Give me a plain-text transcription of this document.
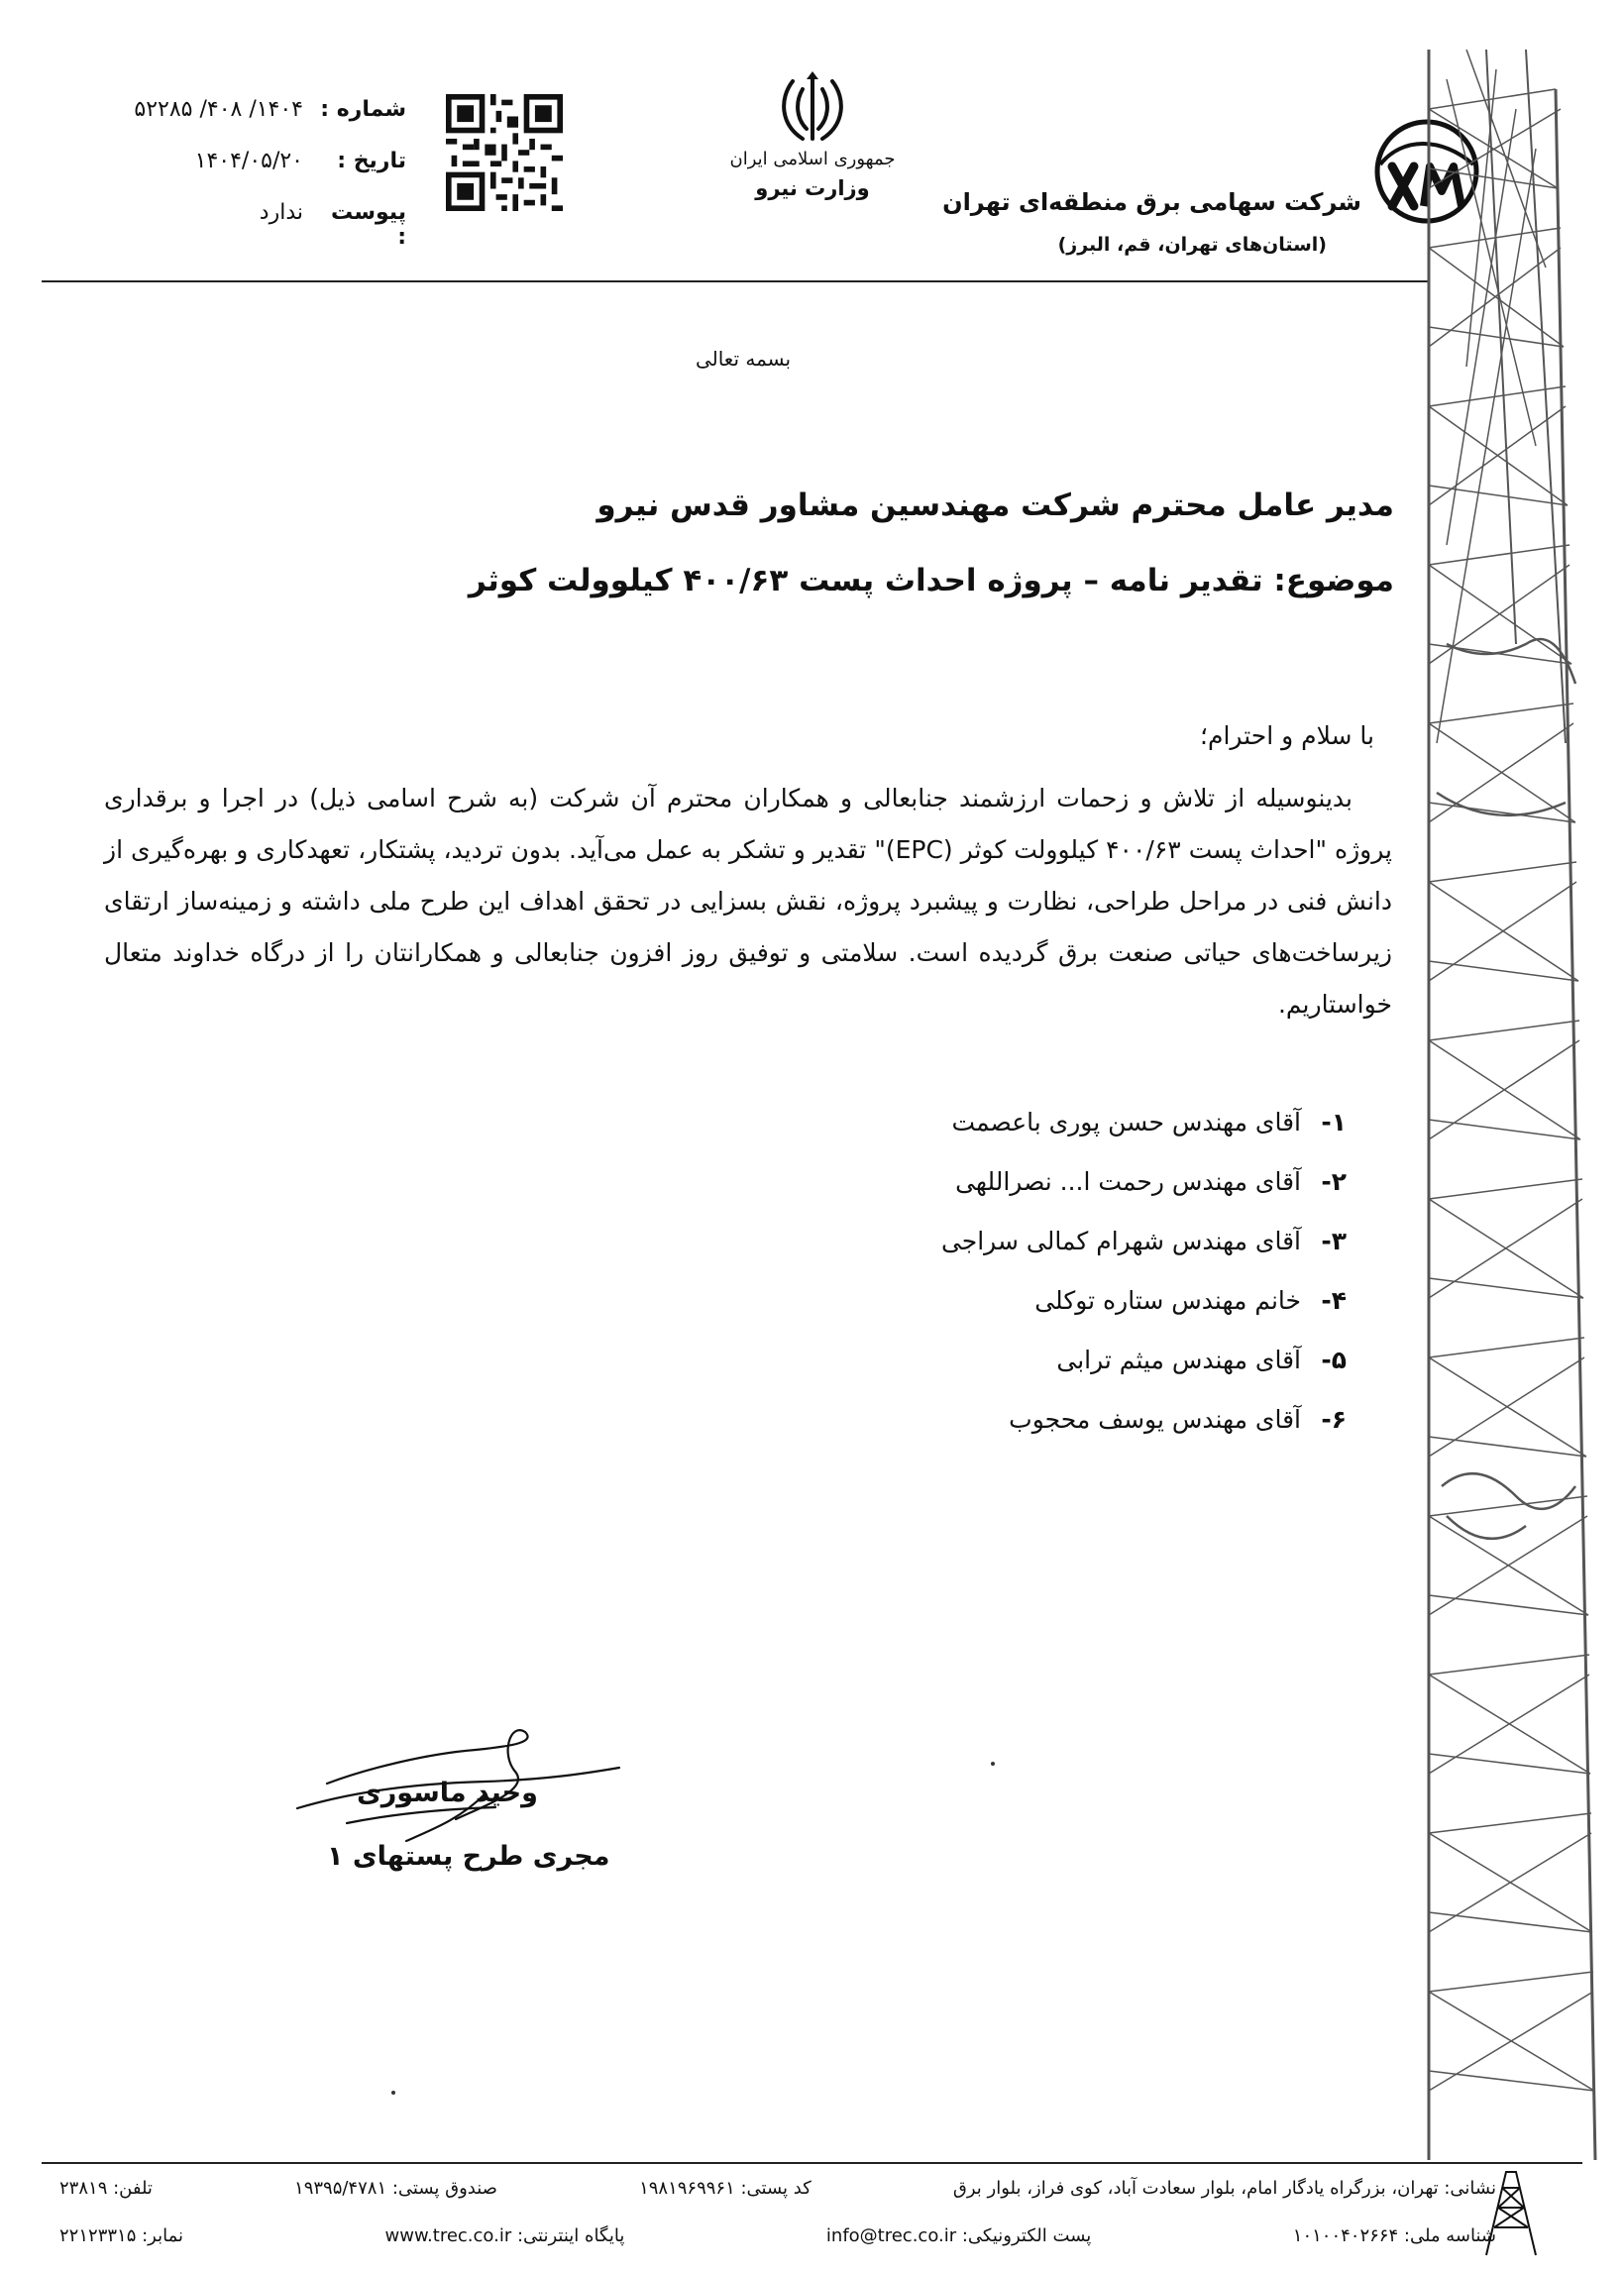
شماره :
۱۴۰۴/ ۴۰۸/ ۵۲۲۸۵
تاریخ :
۱۴۰۴/۰۵/۲۰
پیوست :
ندارد
جمهوری اسلامی ایران
وزارت نیرو	شرکت سهامی برق منطقه‌ای تهران
(استان‌های تهران، قم، البرز)
بسمه تعالی
مدیر عامل محترم شرکت مهندسین مشاور قدس نیرو
موضوع: تقدیر نامه – پروژه احداث پست ۴۰۰/۶۳ کیلوولت کوثر
با سلام و احترام؛
بدینوسیله از تلاش و زحمات ارزشمند جنابعالی و همکاران محترم آن شرکت (به شرح اسامی ذیل) در اجرا و برقداری پروژه "احداث پست ۴۰۰/۶۳ کیلوولت کوثر (EPC)" تقدیر و تشکر به عمل می‌آید. بدون تردید، پشتکار، تعهدکاری و بهره‌گیری از دانش فنی در مراحل طراحی، نظارت و پیشبرد پروژه، نقش بسزایی در تحقق اهداف این طرح ملی داشته و زمینه‌ساز ارتقای زیرساخت‌های حیاتی صنعت برق گردیده است. سلامتی و توفیق روز افزون جنابعالی و همکارانتان را از درگاه خداوند متعال خواستاریم.
۱-
آقای مهندس حسن پوری باعصمت
۲-
آقای مهندس رحمت ا... نصراللهی
۳-
آقای مهندس شهرام کمالی سراجی
۴-
خانم مهندس ستاره توکلی
۵-
آقای مهندس میثم ترابی
۶-
آقای مهندس یوسف محجوب
وحید ماسوری
مجری طرح پستهای ۱
نشانی: تهران، بزرگراه یادگار امام، بلوار سعادت آباد، کوی فراز، بلوار برق
کد پستی: ۱۹۸۱۹۶۹۹۶۱
صندوق پستی: ۱۹۳۹۵/۴۷۸۱
تلفن: ۲۳۸۱۹
شناسه ملی: ۱۰۱۰۰۴۰۲۶۶۴
پست الکترونیکی: info@trec.co.ir
پایگاه اینترنتی: www.trec.co.ir
نمابر: ۲۲۱۲۳۳۱۵
